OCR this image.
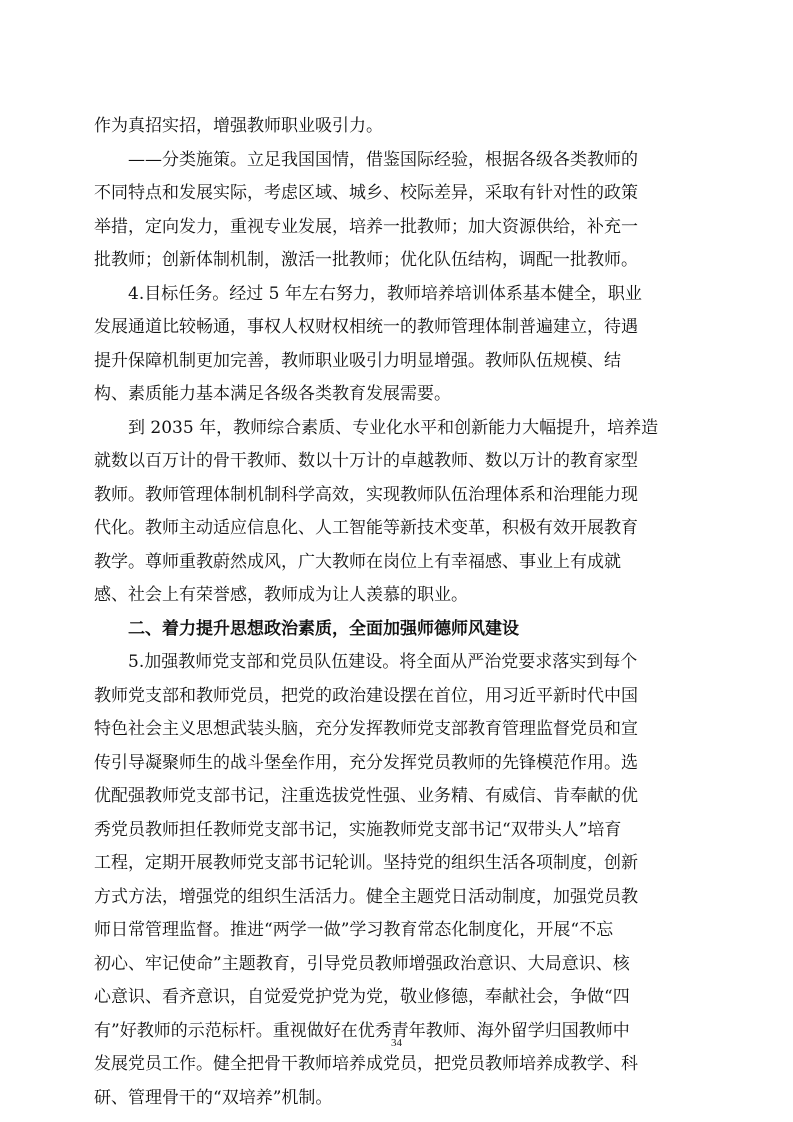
作为真招实招，增强教师职业吸引力。
——分类施策。立足我国国情，借鉴国际经验，根据各级各类教师的
不同特点和发展实际，考虑区域、城乡、校际差异，采取有针对性的政策
举措，定向发力，重视专业发展，培养一批教师；加大资源供给，补充一
批教师；创新体制机制，激活一批教师；优化队伍结构，调配一批教师。
4.目标任务。经过 5 年左右努力，教师培养培训体系基本健全，职业
发展通道比较畅通，事权人权财权相统一的教师管理体制普遍建立，待遇
提升保障机制更加完善，教师职业吸引力明显增强。教师队伍规模、结
构、素质能力基本满足各级各类教育发展需要。
到 2035 年，教师综合素质、专业化水平和创新能力大幅提升，培养造
就数以百万计的骨干教师、数以十万计的卓越教师、数以万计的教育家型
教师。教师管理体制机制科学高效，实现教师队伍治理体系和治理能力现
代化。教师主动适应信息化、人工智能等新技术变革，积极有效开展教育
教学。尊师重教蔚然成风，广大教师在岗位上有幸福感、事业上有成就
感、社会上有荣誉感，教师成为让人羡慕的职业。
二、着力提升思想政治素质，全面加强师德师风建设
5.加强教师党支部和党员队伍建设。将全面从严治党要求落实到每个
教师党支部和教师党员，把党的政治建设摆在首位，用习近平新时代中国
特色社会主义思想武装头脑，充分发挥教师党支部教育管理监督党员和宣
传引导凝聚师生的战斗堡垒作用，充分发挥党员教师的先锋模范作用。选
优配强教师党支部书记，注重选拔党性强、业务精、有威信、肯奉献的优
秀党员教师担任教师党支部书记，实施教师党支部书记“双带头人”培育
工程，定期开展教师党支部书记轮训。坚持党的组织生活各项制度，创新
方式方法，增强党的组织生活活力。健全主题党日活动制度，加强党员教
师日常管理监督。推进“两学一做”学习教育常态化制度化，开展“不忘
初心、牢记使命”主题教育，引导党员教师增强政治意识、大局意识、核
心意识、看齐意识，自觉爱党护党为党，敬业修德，奉献社会，争做“四
有”好教师的示范标杆。重视做好在优秀青年教师、海外留学归国教师中
发展党员工作。健全把骨干教师培养成党员，把党员教师培养成教学、科
研、管理骨干的“双培养”机制。
34
